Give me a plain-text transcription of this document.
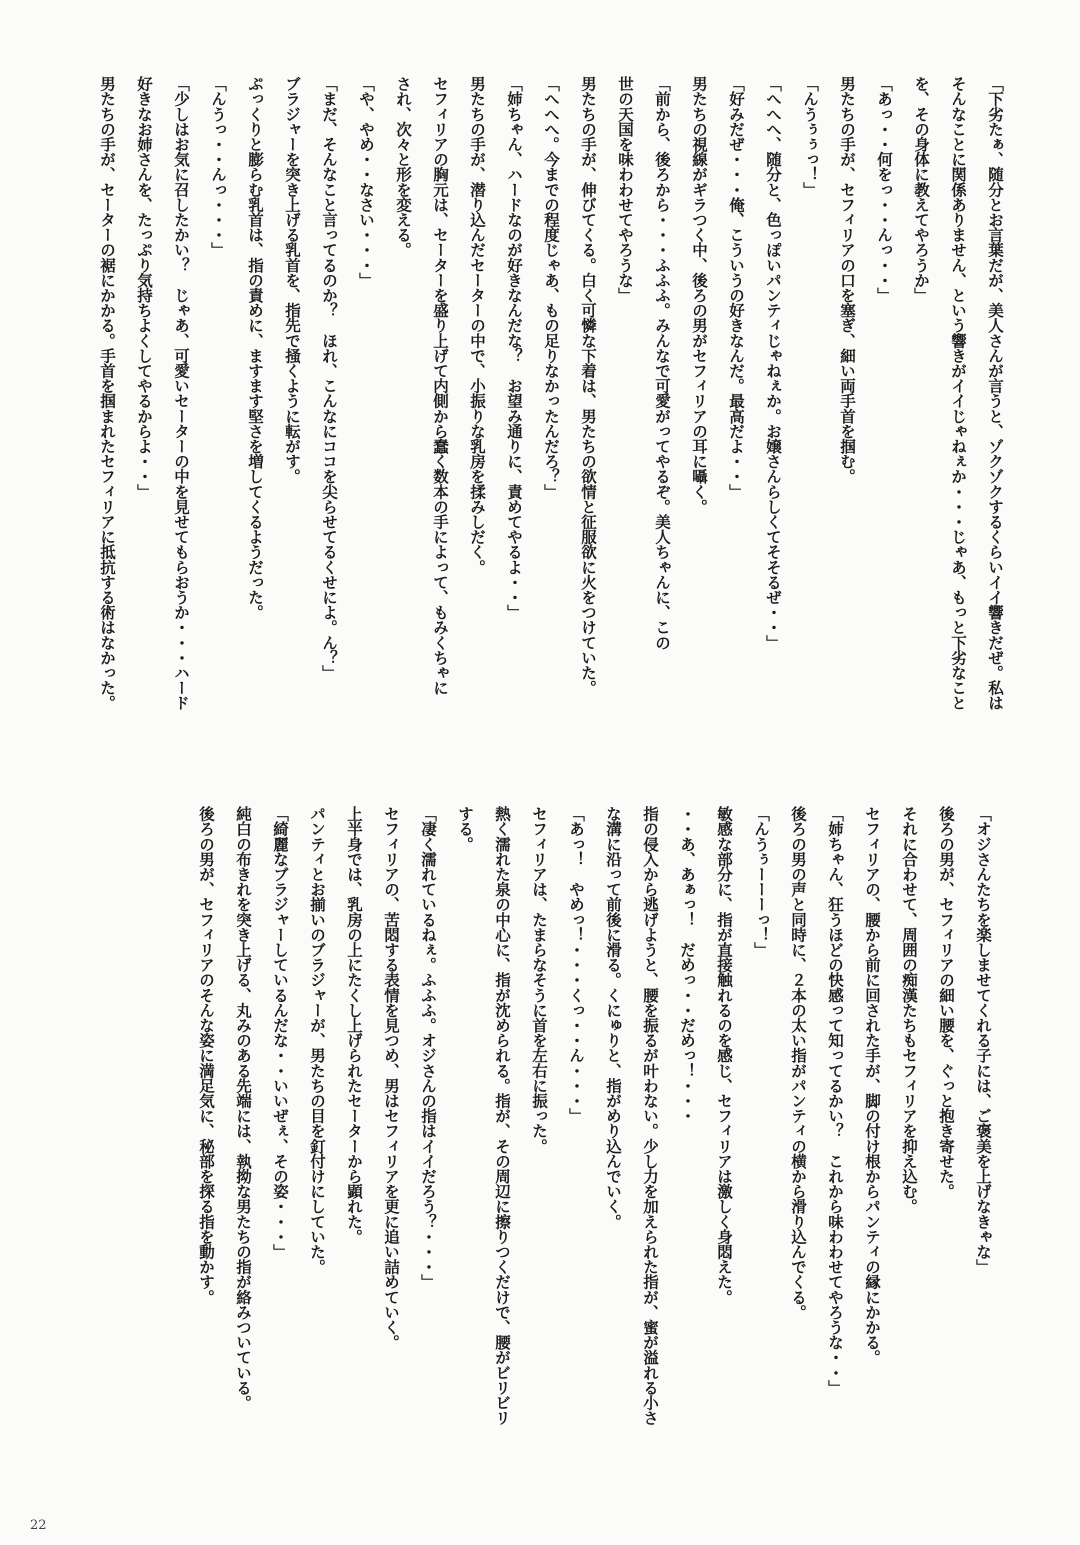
「下劣たぁ、随分とお言葉だが、美人さんが言うと、ゾクゾクするくらいイイ響きだぜ。私は
そんなことに関係ありません、という響きがイイじゃねぇか・・・じゃあ、もっと下劣なこと
を、その身体に教えてやろうか」
「あっ・・何をっ・・んっ・・」
男たちの手が、セフィリアの口を塞ぎ、細い両手首を掴む。
「んうぅぅっ！」
「へへへ、随分と、色っぽいパンティじゃねぇか。お嬢さんらしくてそそるぜ・・」
「好みだぜ・・・俺、こういうの好きなんだ。最高だよ・・」
男たちの視線がギラつく中、後ろの男がセフィリアの耳に囁く。
「前から、後ろから・・・ふふふ。みんなで可愛がってやるぞ。美人ちゃんに、この
世の天国を味わわせてやろうな」
男たちの手が、伸びてくる。白く可憐な下着は、男たちの欲情と征服欲に火をつけていた。
「へへへ。今までの程度じゃあ、もの足りなかったんだろ？」
「姉ちゃん、ハードなのが好きなんだな？　お望み通りに、責めてやるよ・・」
男たちの手が、潜り込んだセーターの中で、小振りな乳房を揉みしだく。
セフィリアの胸元は、セーターを盛り上げて内側から蠢く数本の手によって、もみくちゃに
され、次々と形を変える。
「や、やめ・・なさい・・・」
「まだ、そんなこと言ってるのか？　ほれ、こんなにココを尖らせてるくせによ。ん？」
ブラジャーを突き上げる乳首を、指先で掻くように転がす。
ぷっくりと膨らむ乳首は、指の責めに、ますます堅さを増してくるようだった。
「んうっ・・んっ・・・」
「少しはお気に召したかい？　じゃあ、可愛いセーターの中を見せてもらおうか・・・ハード
好きなお姉さんを、たっぷり気持ちよくしてやるからよ・・」
男たちの手が、セーターの裾にかかる。手首を掴まれたセフィリアに抵抗する術はなかった。
「オジさんたちを楽しませてくれる子には、ご褒美を上げなきゃな」
後ろの男が、セフィリアの細い腰を、ぐっと抱き寄せた。
それに合わせて、周囲の痴漢たちもセフィリアを抑え込む。
セフィリアの、腰から前に回された手が、脚の付け根からパンティの縁にかかる。
「姉ちゃん、狂うほどの快感って知ってるかい？　これから味わわせてやろうな・・」
後ろの男の声と同時に、２本の太い指がパンティの横から滑り込んでくる。
「んうぅーーーっ！」
敏感な部分に、指が直接触れるのを感じ、セフィリアは激しく身悶えた。
・・あ、あぁっ！　だめっ・・だめっ！・・・
指の侵入から逃げようと、腰を振るが叶わない。少し力を加えられた指が、蜜が溢れる小さ
な溝に沿って前後に滑る。くにゅりと、指がめり込んでいく。
「あっ！　やめっ！・・・くっ・・ん・・・」
セフィリアは、たまらなそうに首を左右に振った。
熱く濡れた泉の中心に、指が沈められる。指が、その周辺に擦りつくだけで、腰がビリビリ
する。
「凄く濡れているねぇ。ふふふ。オジさんの指はイイだろう？・・・」
セフィリアの、苦悶する表情を見つめ、男はセフィリアを更に追い詰めていく。
上半身では、乳房の上にたくし上げられたセーターから顕れた。
パンティとお揃いのブラジャーが、男たちの目を釘付けにしていた。
「綺麗なブラジャーしているんだな・・いいぜぇ、その姿・・・」
純白の布きれを突き上げる、丸みのある先端には、執拗な男たちの指が絡みついている。
後ろの男が、セフィリアのそんな姿に満足気に、秘部を探る指を動かす。
22
